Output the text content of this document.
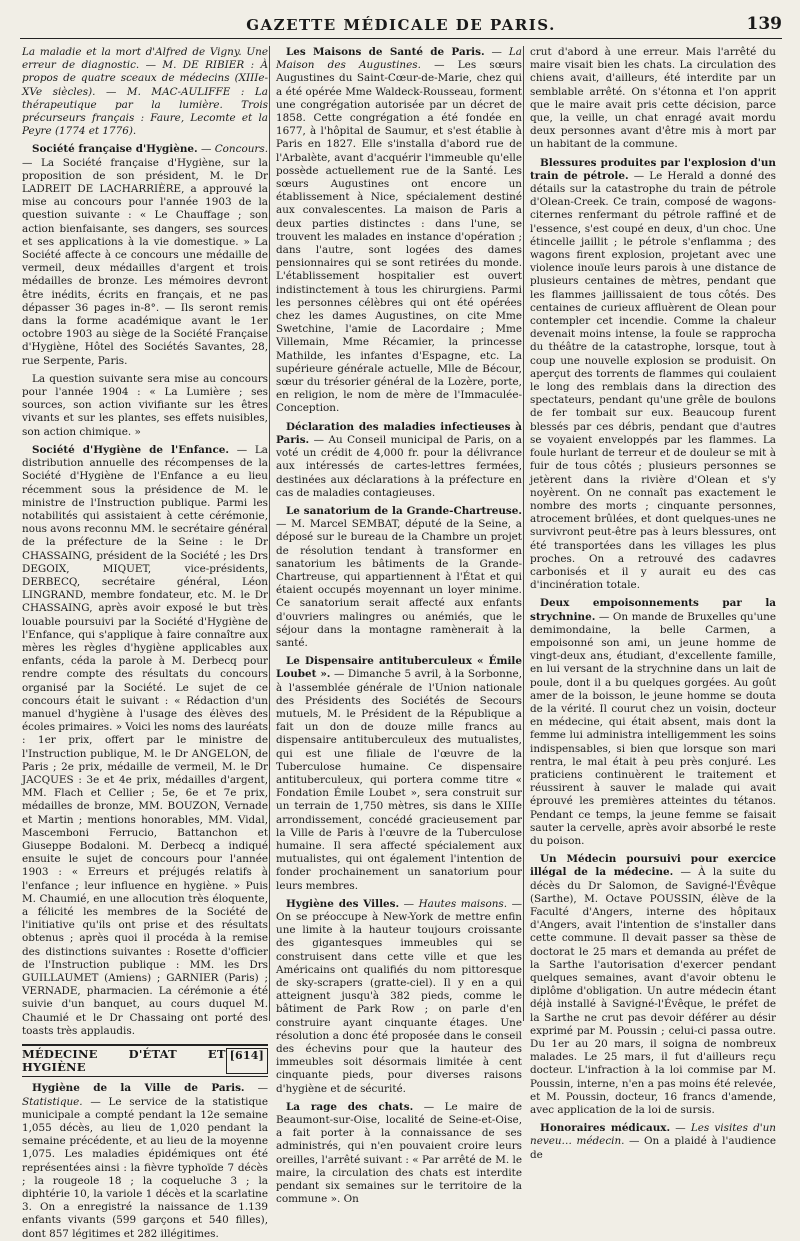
GAZETTE MÉDICALE DE PARIS.	139

La maladie et la mort d'Alfred de Vigny. Une erreur de diagnostic. — M. DE RIBIER : À propos de quatre sceaux de médecins (XIIIe-XVe siècles). — M. MAC-AULIFFE : La thérapeutique par la lumière. Trois précurseurs français : Faure, Lecomte et la Peyre (1774 et 1776).

Société française d'Hygiène. — Concours. — La Société française d'Hygiène, sur la proposition de son président, M. le Dr LADREIT DE LACHARRIÈRE, a approuvé la mise au concours pour l'année 1903 de la question suivante : « Le Chauffage ; son action bienfaisante, ses dangers, ses sources et ses applications à la vie domestique. » La Société affecte à ce concours une médaille de vermeil, deux médailles d'argent et trois médailles de bronze. Les mémoires devront être inédits, écrits en français, et ne pas dépasser 36 pages in-8°. — Ils seront remis dans la forme académique avant le 1er octobre 1903 au siège de la Société Française d'Hygiène, Hôtel des Sociétés Savantes, 28, rue Serpente, Paris.

La question suivante sera mise au concours pour l'année 1904 : « La Lumière ; ses sources, son action vivifiante sur les êtres vivants et sur les plantes, ses effets nuisibles, son action chimique. »

Société d'Hygiène de l'Enfance. — La distribution annuelle des récompenses de la Société d'Hygiène de l'Enfance a eu lieu récemment sous la présidence de M. le ministre de l'Instruction publique. Parmi les notabilités qui assistaient à cette cérémonie, nous avons reconnu MM. le secrétaire général de la préfecture de la Seine : le Dr CHASSAING, président de la Société ; les Drs DEGOIX, MIQUET, vice-présidents, DERBECQ, secrétaire général, Léon LINGRAND, membre fondateur, etc. M. le Dr CHASSAING, après avoir exposé le but très louable poursuivi par la Société d'Hygiène de l'Enfance, qui s'applique à faire connaître aux mères les règles d'hygiène applicables aux enfants, céda la parole à M. Derbecq pour rendre compte des résultats du concours organisé par la Société. Le sujet de ce concours était le suivant : « Rédaction d'un manuel d'hygiène à l'usage des élèves des écoles primaires. » Voici les noms des lauréats : 1er prix, offert par le ministre de l'Instruction publique, M. le Dr ANGELON, de Paris ; 2e prix, médaille de vermeil, M. le Dr JACQUES : 3e et 4e prix, médailles d'argent, MM. Flach et Cellier ; 5e, 6e et 7e prix, médailles de bronze, MM. BOUZON, Vernade et Martin ; mentions honorables, MM. Vidal, Mascemboni Ferrucio, Battanchon et Giuseppe Bodaloni. M. Derbecq a indiqué ensuite le sujet de concours pour l'année 1903 : « Erreurs et préjugés relatifs à l'enfance ; leur influence en hygiène. » Puis M. Chaumié, en une allocution très éloquente, a félicité les membres de la Société de l'initiative qu'ils ont prise et des résultats obtenus ; après quoi il procéda à la remise des distinctions suivantes : Rosette d'officier de l'Instruction publique : MM. les Drs GUILLAUMET (Amiens) ; GARNIER (Paris) ; VERNADE, pharmacien. La cérémonie a été suivie d'un banquet, au cours duquel M. Chaumié et le Dr Chassaing ont porté des toasts très applaudis.

MÉDECINE D'ÉTAT ET HYGIÈNE
[614]

Hygiène de la Ville de Paris. — Statistique. — Le service de la statistique municipale a compté pendant la 12e semaine 1,055 décès, au lieu de 1,020 pendant la semaine précédente, et au lieu de la moyenne 1,075. Les maladies épidémiques ont été représentées ainsi : la fièvre typhoïde 7 décès ; la rougeole 18 ; la coqueluche 3 ; la diphtérie 10, la variole 1 décès et la scarlatine 3. On a enregistré la naissance de 1.139 enfants vivants (599 garçons et 540 filles), dont 857 légitimes et 282 illégitimes.

Les Maisons de Santé de Paris. — La Maison des Augustines. — Les sœurs Augustines du Saint-Cœur-de-Marie, chez qui a été opérée Mme Waldeck-Rousseau, forment une congrégation autorisée par un décret de 1858. Cette congrégation a été fondée en 1677, à l'hôpital de Saumur, et s'est établie à Paris en 1827. Elle s'installa d'abord rue de l'Arbalète, avant d'acquérir l'immeuble qu'elle possède actuellement rue de la Santé. Les sœurs Augustines ont encore un établissement à Nice, spécialement destiné aux convalescentes. La maison de Paris a deux parties distinctes : dans l'une, se trouvent les malades en instance d'opération ; dans l'autre, sont logées des dames pensionnaires qui se sont retirées du monde. L'établissement hospitalier est ouvert indistinctement à tous les chirurgiens. Parmi les personnes célèbres qui ont été opérées chez les dames Augustines, on cite Mme Swetchine, l'amie de Lacordaire ; Mme Villemain, Mme Récamier, la princesse Mathilde, les infantes d'Espagne, etc. La supérieure générale actuelle, Mlle de Bécour, sœur du trésorier général de la Lozère, porte, en religion, le nom de mère de l'Immaculée-Conception.

Déclaration des maladies infectieuses à Paris. — Au Conseil municipal de Paris, on a voté un crédit de 4,000 fr. pour la délivrance aux intéressés de cartes-lettres fermées, destinées aux déclarations à la préfecture en cas de maladies contagieuses.

Le sanatorium de la Grande-Chartreuse. — M. Marcel SEMBAT, député de la Seine, a déposé sur le bureau de la Chambre un projet de résolution tendant à transformer en sanatorium les bâtiments de la Grande-Chartreuse, qui appartiennent à l'État et qui étaient occupés moyennant un loyer minime. Ce sanatorium serait affecté aux enfants d'ouvriers malingres ou anémiés, que le séjour dans la montagne ramènerait à la santé.

Le Dispensaire antituberculeux « Émile Loubet ». — Dimanche 5 avril, à la Sorbonne, à l'assemblée générale de l'Union nationale des Présidents des Sociétés de Secours mutuels, M. le Président de la République a fait un don de douze mille francs au dispensaire antituberculeux des mutualistes, qui est une filiale de l'œuvre de la Tuberculose humaine. Ce dispensaire antituberculeux, qui portera comme titre « Fondation Émile Loubet », sera construit sur un terrain de 1,750 mètres, sis dans le XIIIe arrondissement, concédé gracieusement par la Ville de Paris à l'œuvre de la Tuberculose humaine. Il sera affecté spécialement aux mutualistes, qui ont également l'intention de fonder prochainement un sanatorium pour leurs membres.

Hygiène des Villes. — Hautes maisons. — On se préoccupe à New-York de mettre enfin une limite à la hauteur toujours croissante des gigantesques immeubles qui se construisent dans cette ville et que les Américains ont qualifiés du nom pittoresque de sky-scrapers (gratte-ciel). Il y en a qui atteignent jusqu'à 382 pieds, comme le bâtiment de Park Row ; on parle d'en construire ayant cinquante étages. Une résolution a donc été proposée dans le conseil des échevins pour que la hauteur des immeubles soit désormais limitée à cent cinquante pieds, pour diverses raisons d'hygiène et de sécurité.

La rage des chats. — Le maire de Beaumont-sur-Oise, localité de Seine-et-Oise, a fait porter à la connaissance de ses administrés, qui n'en pouvaient croire leurs oreilles, l'arrêté suivant : « Par arrêté de M. le maire, la circulation des chats est interdite pendant six semaines sur le territoire de la commune ». On

crut d'abord à une erreur. Mais l'arrêté du maire visait bien les chats. La circulation des chiens avait, d'ailleurs, été interdite par un semblable arrêté. On s'étonna et l'on apprit que le maire avait pris cette décision, parce que, la veille, un chat enragé avait mordu deux personnes avant d'être mis à mort par un habitant de la commune.

Blessures produites par l'explosion d'un train de pétrole. — Le Herald a donné des détails sur la catastrophe du train de pétrole d'Olean-Creek. Ce train, composé de wagons-citernes renfermant du pétrole raffiné et de l'essence, s'est coupé en deux, d'un choc. Une étincelle jaillit ; le pétrole s'enflamma ; des wagons firent explosion, projetant avec une violence inouïe leurs parois à une distance de plusieurs centaines de mètres, pendant que les flammes jaillissaient de tous côtés. Des centaines de curieux affluèrent de Olean pour contempler cet incendie. Comme la chaleur devenait moins intense, la foule se rapprocha du théâtre de la catastrophe, lorsque, tout à coup une nouvelle explosion se produisit. On aperçut des torrents de flammes qui coulaient le long des remblais dans la direction des spectateurs, pendant qu'une grêle de boulons de fer tombait sur eux. Beaucoup furent blessés par ces débris, pendant que d'autres se voyaient enveloppés par les flammes. La foule hurlant de terreur et de douleur se mit à fuir de tous côtés ; plusieurs personnes se jetèrent dans la rivière d'Olean et s'y noyèrent. On ne connaît pas exactement le nombre des morts ; cinquante personnes, atrocement brûlées, et dont quelques-unes ne survivront peut-être pas à leurs blessures, ont été transportées dans les villages les plus proches. On a retrouvé des cadavres carbonisés et il y aurait eu des cas d'incinération totale.

Deux empoisonnements par la strychnine. — On mande de Bruxelles qu'une demimondaine, la belle Carmen, a empoisonné son ami, un jeune homme de vingt-deux ans, étudiant, d'excellente famille, en lui versant de la strychnine dans un lait de poule, dont il a bu quelques gorgées. Au goût amer de la boisson, le jeune homme se douta de la vérité. Il courut chez un voisin, docteur en médecine, qui était absent, mais dont la femme lui administra intelligemment les soins indispensables, si bien que lorsque son mari rentra, le mal était à peu près conjuré. Les praticiens continuèrent le traitement et réussirent à sauver le malade qui avait éprouvé les premières atteintes du tétanos. Pendant ce temps, la jeune femme se faisait sauter la cervelle, après avoir absorbé le reste du poison.

Un Médecin poursuivi pour exercice illégal de la médecine. — À la suite du décès du Dr Salomon, de Savigné-l'Évêque (Sarthe), M. Octave POUSSIN, élève de la Faculté d'Angers, interne des hôpitaux d'Angers, avait l'intention de s'installer dans cette commune. Il devait passer sa thèse de doctorat le 25 mars et demanda au préfet de la Sarthe l'autorisation d'exercer pendant quelques semaines, avant d'avoir obtenu le diplôme d'obligation. Un autre médecin étant déjà installé à Savigné-l'Évêque, le préfet de la Sarthe ne crut pas devoir déférer au désir exprimé par M. Poussin ; celui-ci passa outre. Du 1er au 20 mars, il soigna de nombreux malades. Le 25 mars, il fut d'ailleurs reçu docteur. L'infraction à la loi commise par M. Poussin, interne, n'en a pas moins été relevée, et M. Poussin, docteur, 16 francs d'amende, avec application de la loi de sursis.

Honoraires médicaux. — Les visites d'un neveu… médecin. — On a plaidé à l'audience de
